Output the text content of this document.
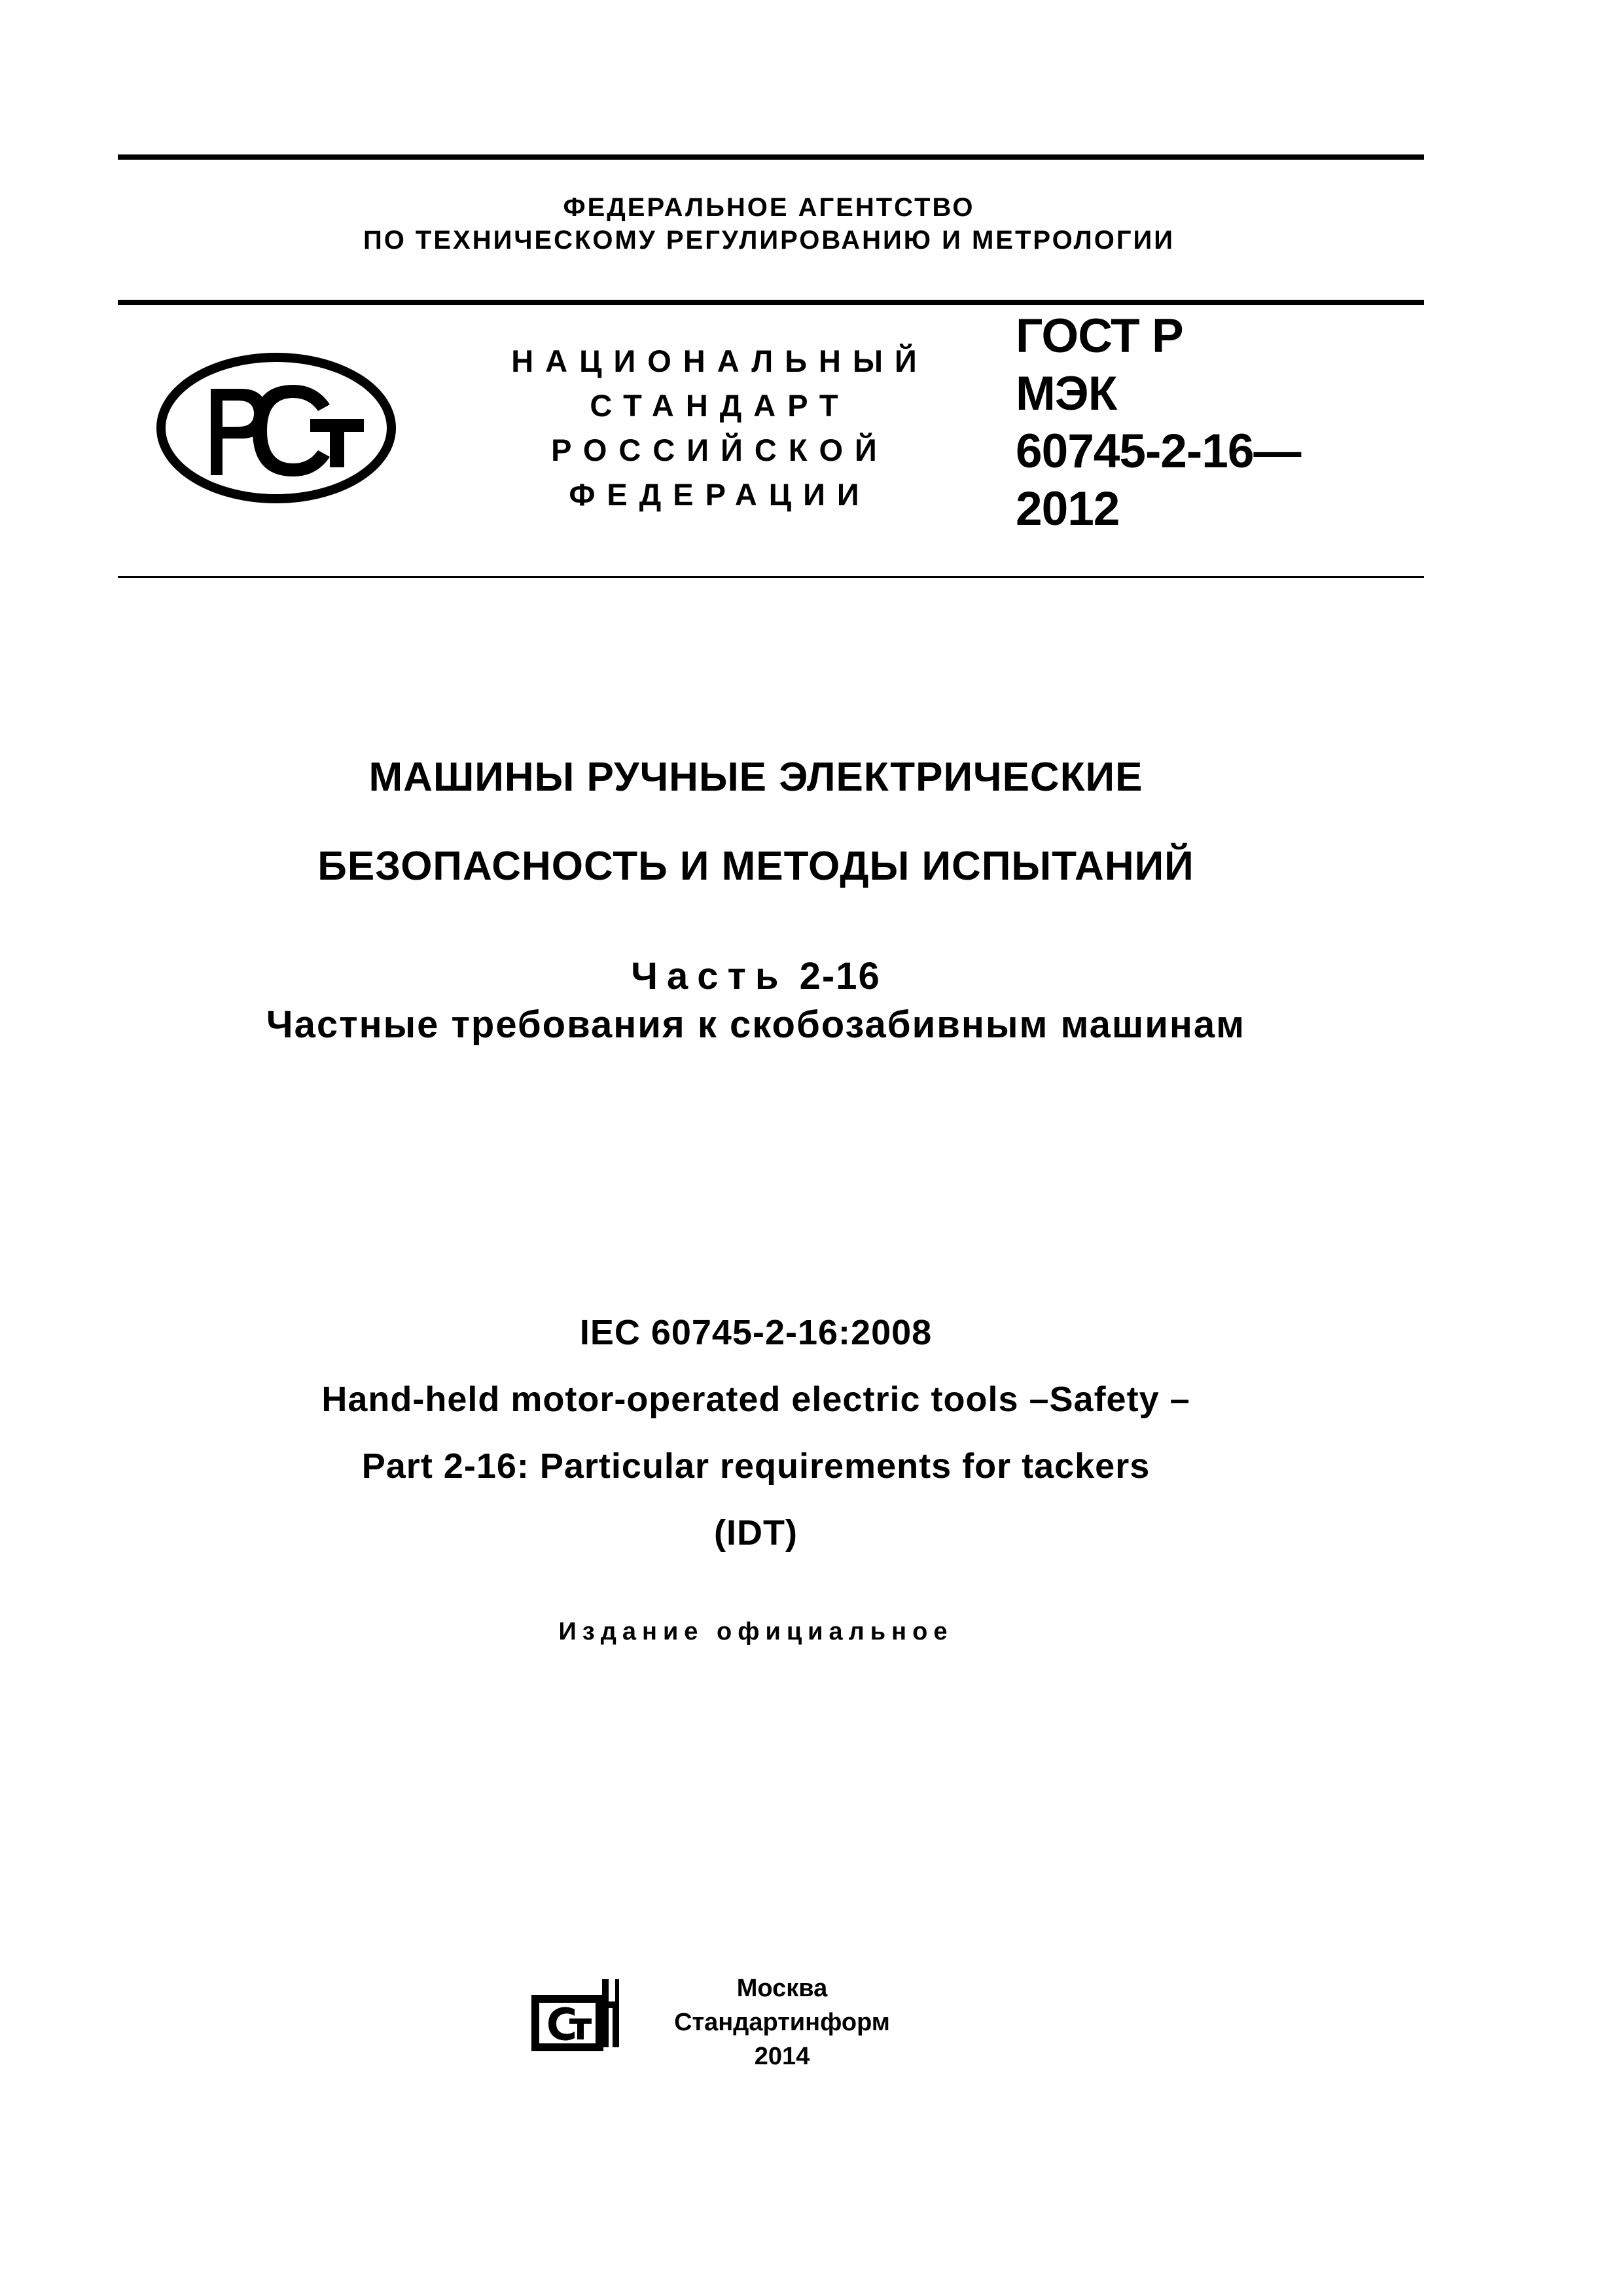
ФЕДЕРАЛЬНОЕ АГЕНТСТВО
ПО ТЕХНИЧЕСКОМУ РЕГУЛИРОВАНИЮ И МЕТРОЛОГИИ
НАЦИОНАЛЬНЫЙ
СТАНДАРТ
РОССИЙСКОЙ
ФЕДЕРАЦИИ
ГОСТ Р
МЭК
60745-2-16—
2012
МАШИНЫ РУЧНЫЕ ЭЛЕКТРИЧЕСКИЕ
БЕЗОПАСНОСТЬ И МЕТОДЫ ИСПЫТАНИЙ
Часть 2-16
Частные требования к скобозабивным машинам
IEC 60745-2-16:2008
Hand-held motor-operated electric tools –Safety –
Part 2-16: Particular requirements for tackers
(IDT)
Издание официальное
Москва
Стандартинформ
2014
